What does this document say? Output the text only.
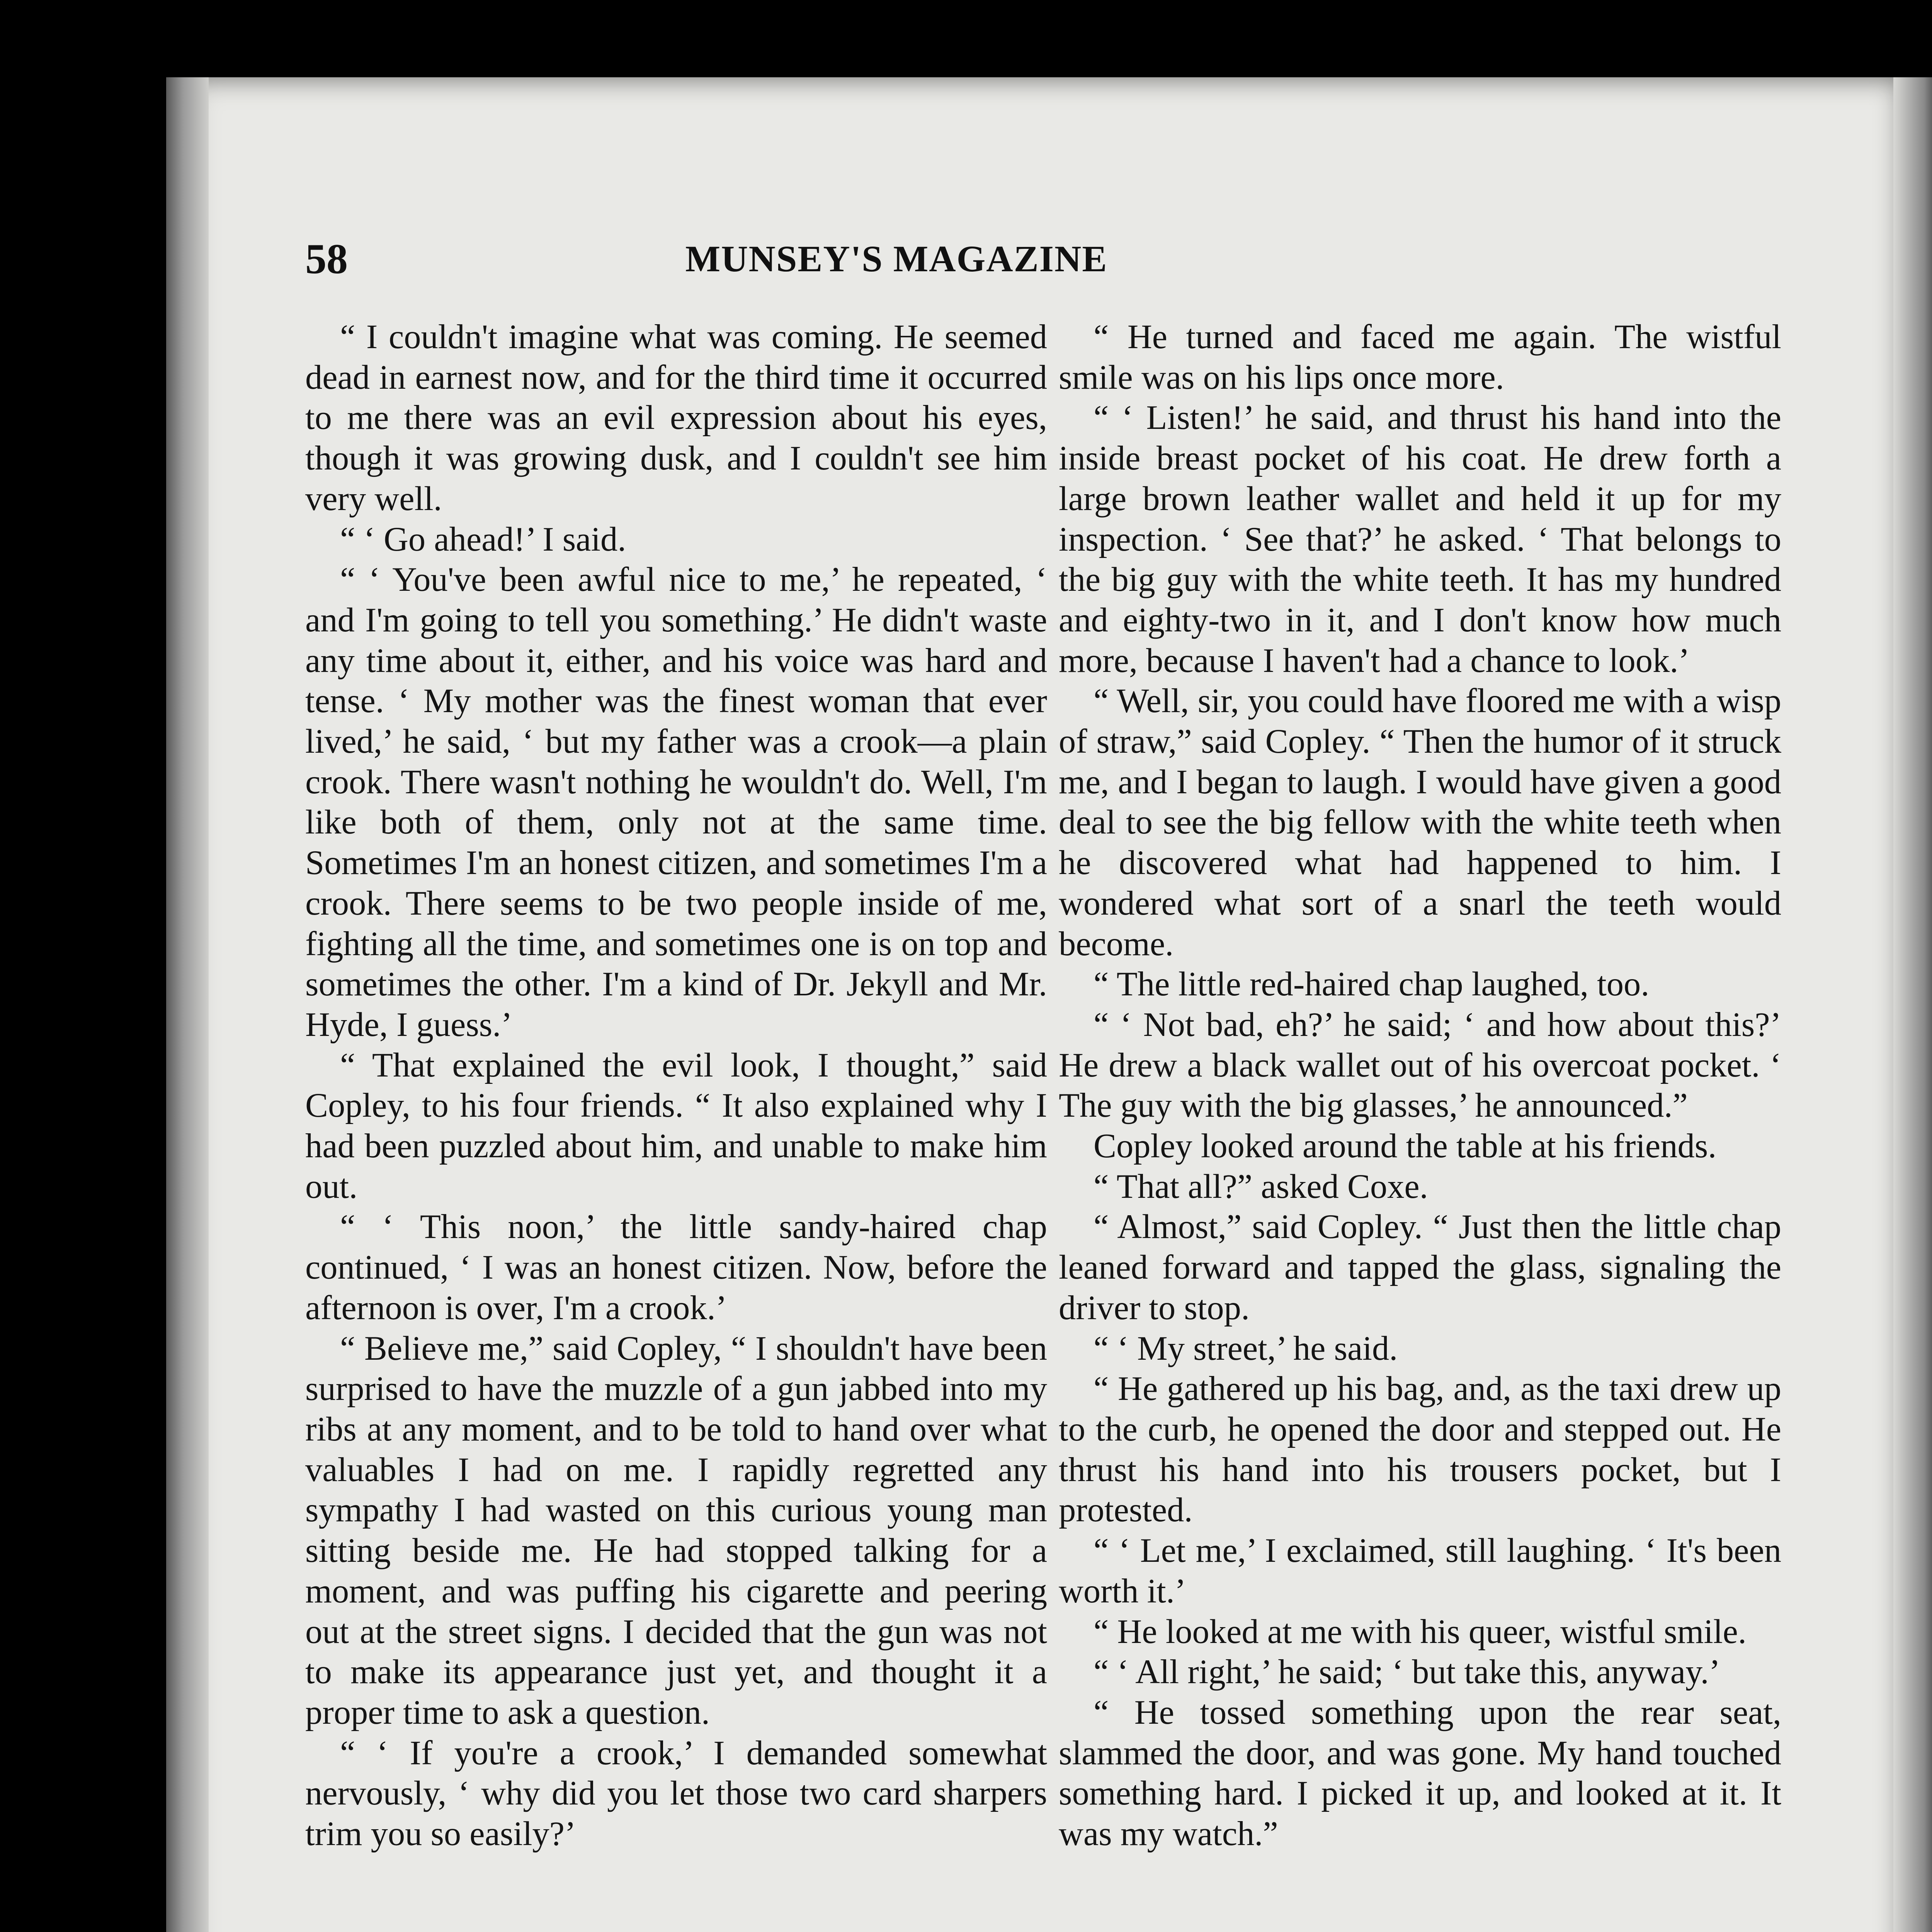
58	MUNSEY'S MAGAZINE

“ I couldn't imagine what was coming. He seemed dead in earnest now, and for the third time it occurred to me there was an evil expression about his eyes, though it was growing dusk, and I couldn't see him very well.

“ ‘ Go ahead!’ I said.

“ ‘ You've been awful nice to me,’ he repeated, ‘ and I'm going to tell you something.’ He didn't waste any time about it, either, and his voice was hard and tense. ‘ My mother was the finest woman that ever lived,’ he said, ‘ but my father was a crook—a plain crook. There wasn't nothing he wouldn't do. Well, I'm like both of them, only not at the same time. Sometimes I'm an honest citizen, and sometimes I'm a crook. There seems to be two people inside of me, fighting all the time, and sometimes one is on top and sometimes the other. I'm a kind of Dr. Jekyll and Mr. Hyde, I guess.’

“ That explained the evil look, I thought,” said Copley, to his four friends. “ It also explained why I had been puzzled about him, and unable to make him out.

“ ‘ This noon,’ the little sandy-haired chap continued, ‘ I was an honest citizen. Now, before the afternoon is over, I'm a crook.’

“ Believe me,” said Copley, “ I shouldn't have been surprised to have the muzzle of a gun jabbed into my ribs at any moment, and to be told to hand over what valuables I had on me. I rapidly regretted any sympathy I had wasted on this curious young man sitting beside me. He had stopped talking for a moment, and was puffing his cigarette and peering out at the street signs. I decided that the gun was not to make its appearance just yet, and thought it a proper time to ask a question.

“ ‘ If you're a crook,’ I demanded somewhat nervously, ‘ why did you let those two card sharpers trim you so easily?’

“ He turned and faced me again. The wistful smile was on his lips once more.

“ ‘ Listen!’ he said, and thrust his hand into the inside breast pocket of his coat. He drew forth a large brown leather wallet and held it up for my inspection. ‘ See that?’ he asked. ‘ That belongs to the big guy with the white teeth. It has my hundred and eighty-two in it, and I don't know how much more, because I haven't had a chance to look.’

“ Well, sir, you could have floored me with a wisp of straw,” said Copley. “ Then the humor of it struck me, and I began to laugh. I would have given a good deal to see the big fellow with the white teeth when he discovered what had happened to him. I wondered what sort of a snarl the teeth would become.

“ The little red-haired chap laughed, too.

“ ‘ Not bad, eh?’ he said; ‘ and how about this?’ He drew a black wallet out of his overcoat pocket. ‘ The guy with the big glasses,’ he announced.”

Copley looked around the table at his friends.

“ That all?” asked Coxe.

“ Almost,” said Copley. “ Just then the little chap leaned forward and tapped the glass, signaling the driver to stop.

“ ‘ My street,’ he said.

“ He gathered up his bag, and, as the taxi drew up to the curb, he opened the door and stepped out. He thrust his hand into his trousers pocket, but I protested.

“ ‘ Let me,’ I exclaimed, still laughing. ‘ It's been worth it.’

“ He looked at me with his queer, wistful smile.

“ ‘ All right,’ he said; ‘ but take this, anyway.’

“ He tossed something upon the rear seat, slammed the door, and was gone. My hand touched something hard. I picked it up, and looked at it. It was my watch.”
